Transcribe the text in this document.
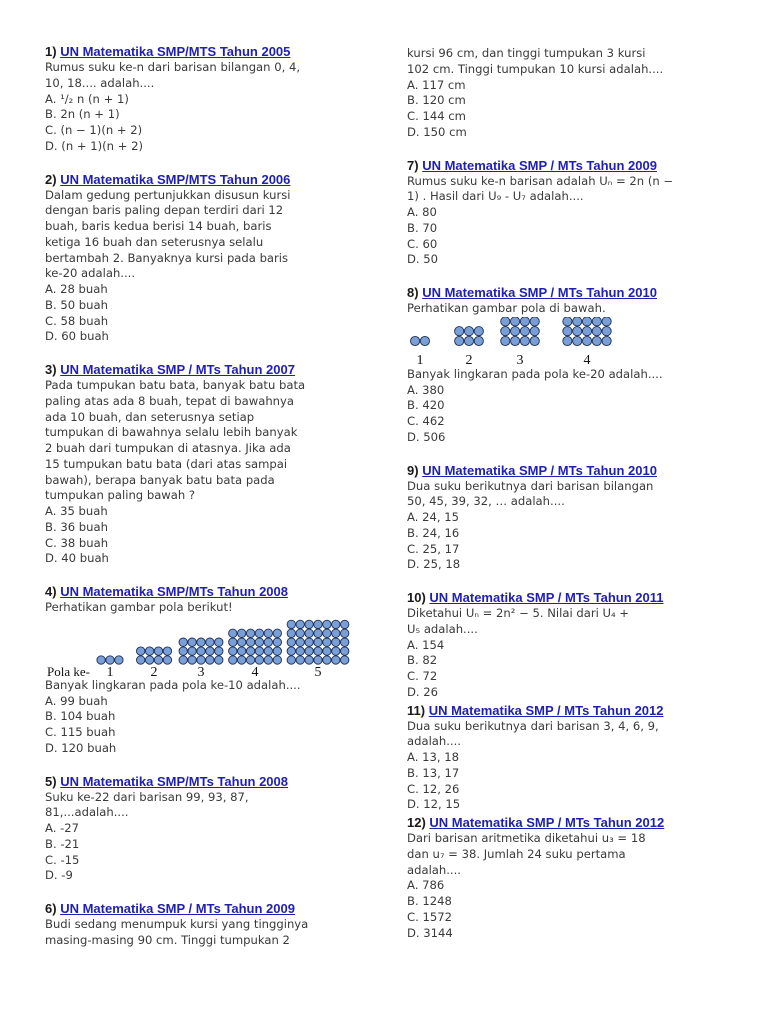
1) UN Matematika SMP/MTS Tahun 2005
Rumus suku ke-n dari barisan bilangan 0, 4,
10, 18.... adalah....
A. ¹/₂ n (n + 1)
B. 2n (n + 1)
C. (n − 1)(n + 2)
D. (n + 1)(n + 2)
2) UN Matematika SMP/MTS Tahun 2006
Dalam gedung pertunjukkan disusun kursi
dengan baris paling depan terdiri dari 12
buah, baris kedua berisi 14 buah, baris
ketiga 16 buah dan seterusnya selalu
bertambah 2. Banyaknya kursi pada baris
ke-20 adalah....
A. 28 buah
B. 50 buah
C. 58 buah
D. 60 buah
3) UN Matematika SMP / MTs Tahun 2007
Pada tumpukan batu bata, banyak batu bata
paling atas ada 8 buah, tepat di bawahnya
ada 10 buah, dan seterusnya setiap
tumpukan di bawahnya selalu lebih banyak
2 buah dari tumpukan di atasnya. Jika ada
15 tumpukan batu bata (dari atas sampai
bawah), berapa banyak batu bata pada
tumpukan paling bawah ?
A. 35 buah
B. 36 buah
C. 38 buah
D. 40 buah
4) UN Matematika SMP/MTs Tahun 2008
Perhatikan gambar pola berikut!
1	2	3	4	5
Pola ke-
Banyak lingkaran pada pola ke-10 adalah....
A. 99 buah
B. 104 buah
C. 115 buah
D. 120 buah
5) UN Matematika SMP/MTs Tahun 2008
Suku ke-22 dari barisan 99, 93, 87,
81,...adalah....
A. -27
B. -21
C. -15
D. -9
6) UN Matematika SMP / MTs Tahun 2009
Budi sedang menumpuk kursi yang tingginya
masing-masing 90 cm. Tinggi tumpukan 2
kursi 96 cm, dan tinggi tumpukan 3 kursi
102 cm. Tinggi tumpukan 10 kursi adalah....
A. 117 cm
B. 120 cm
C. 144 cm
D. 150 cm
7) UN Matematika SMP / MTs Tahun 2009
Rumus suku ke-n barisan adalah Uₙ = 2n (n −
1) . Hasil dari U₉ - U₇ adalah....
A. 80
B. 70
C. 60
D. 50
8) UN Matematika SMP / MTs Tahun 2010
Perhatikan gambar pola di bawah.
1	2	3	4
Banyak lingkaran pada pola ke-20 adalah....
A. 380
B. 420
C. 462
D. 506
9) UN Matematika SMP / MTs Tahun 2010
Dua suku berikutnya dari barisan bilangan
50, 45, 39, 32, … adalah....
A. 24, 15
B. 24, 16
C. 25, 17
D. 25, 18
10) UN Matematika SMP / MTs Tahun 2011
Diketahui Uₙ = 2n² − 5. Nilai dari U₄ +
U₅ adalah....
A. 154
B. 82
C. 72
D. 26
11) UN Matematika SMP / MTs Tahun 2012
Dua suku berikutnya dari barisan 3, 4, 6, 9,
adalah....
A. 13, 18
B. 13, 17
C. 12, 26
D. 12, 15
12) UN Matematika SMP / MTs Tahun 2012
Dari barisan aritmetika diketahui u₃ = 18
dan u₇ = 38. Jumlah 24 suku pertama
adalah....
A. 786
B. 1248
C. 1572
D. 3144
